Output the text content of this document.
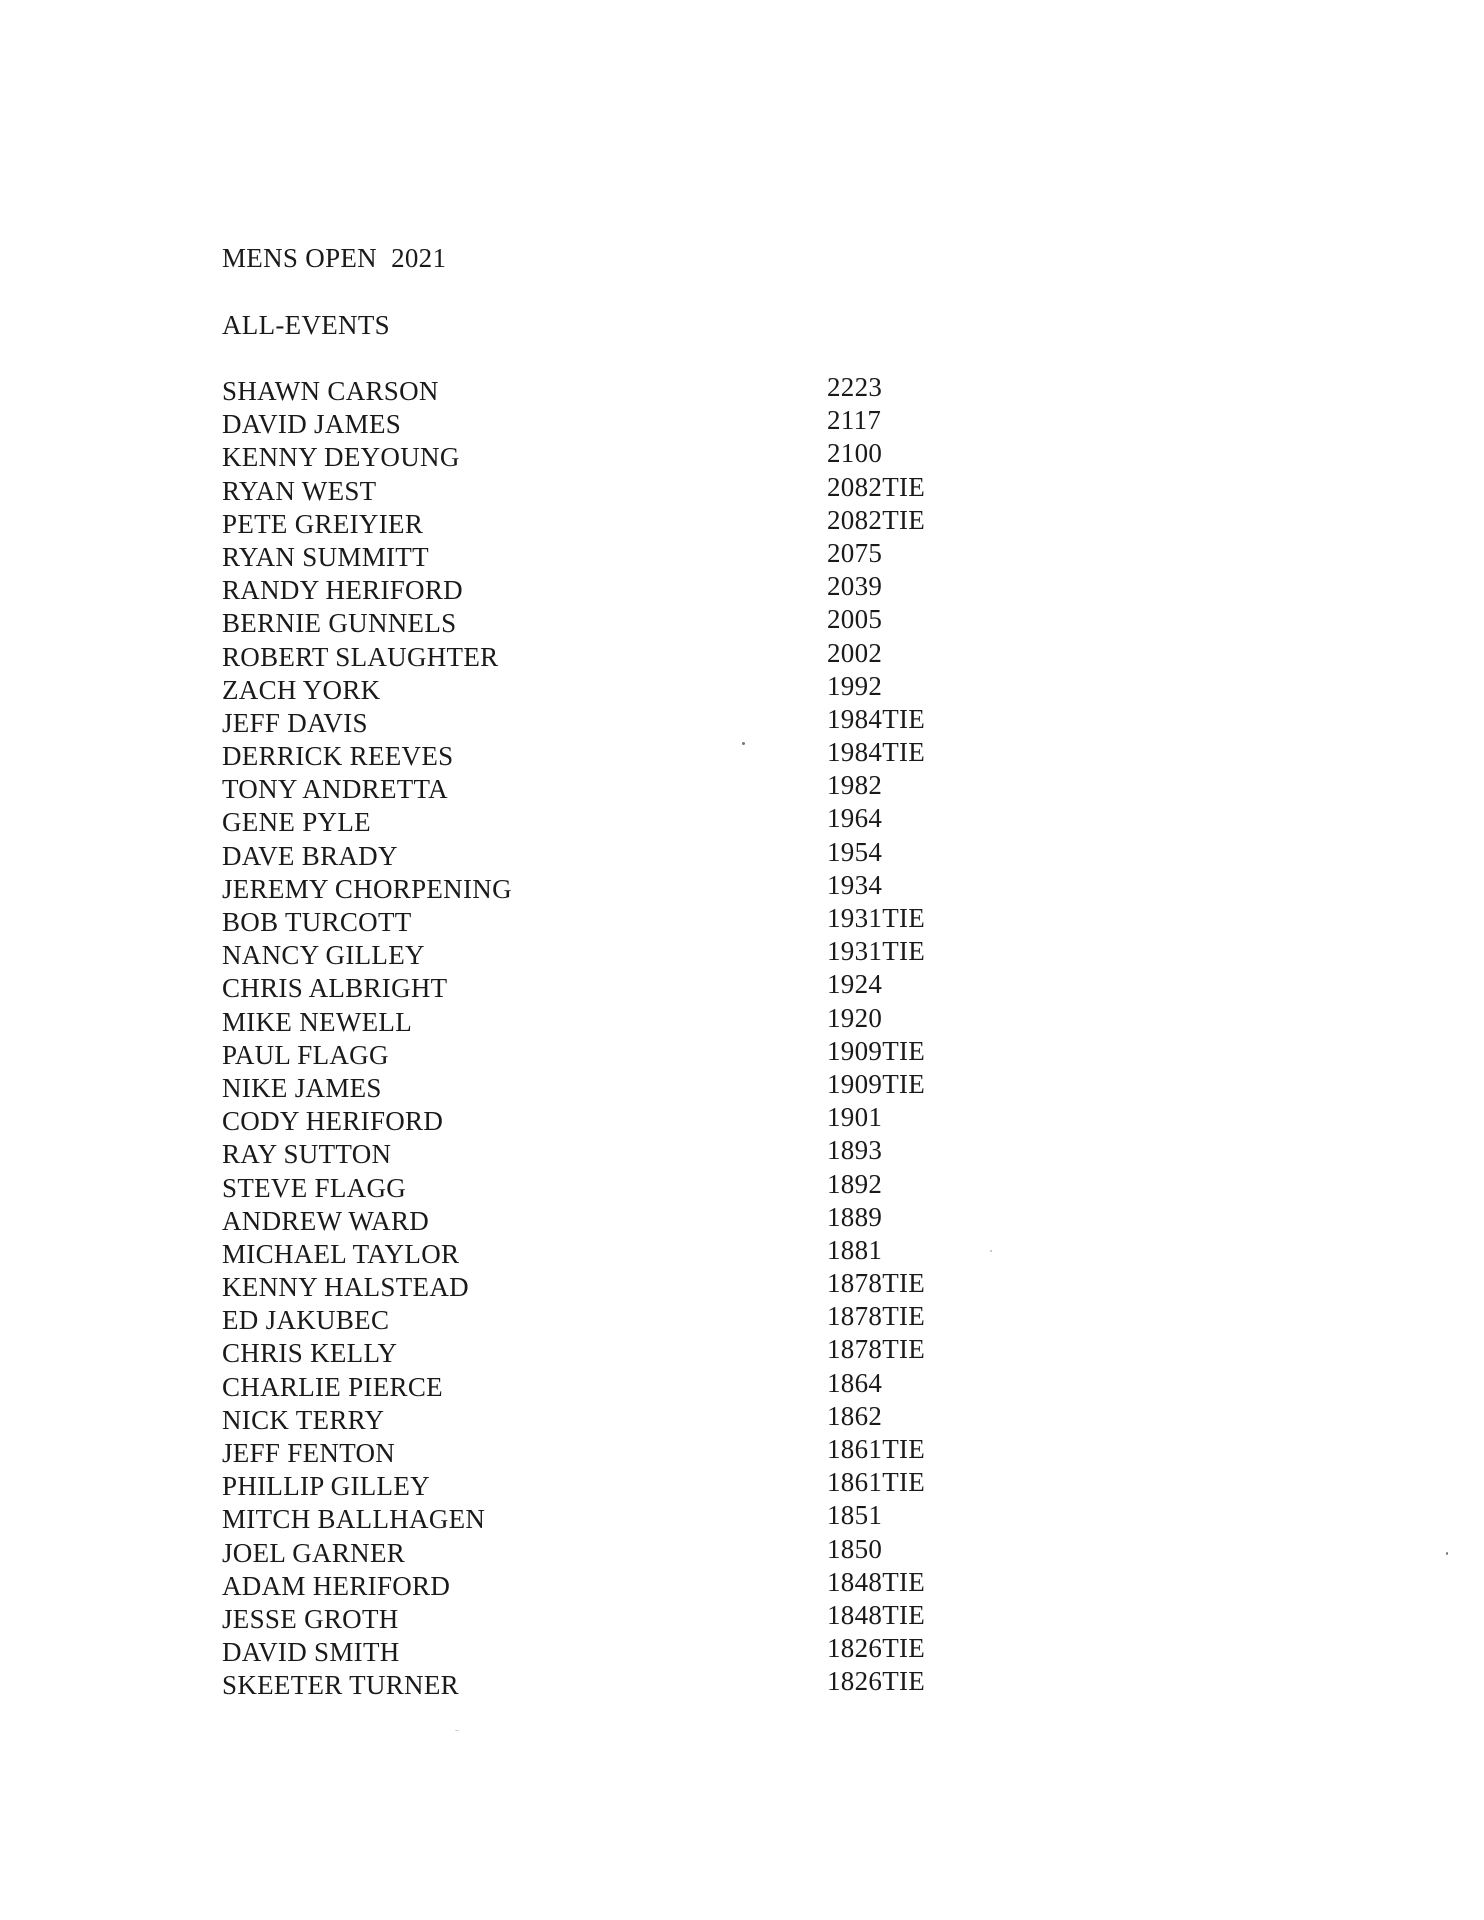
MENS OPEN  2021
ALL-EVENTS
SHAWN CARSON	2223
DAVID JAMES	2117
KENNY DEYOUNG	2100
RYAN WEST	2082TIE
PETE GREIYIER	2082TIE
RYAN SUMMITT	2075
RANDY HERIFORD	2039
BERNIE GUNNELS	2005
ROBERT SLAUGHTER	2002
ZACH YORK	1992
JEFF DAVIS	1984TIE
DERRICK REEVES	1984TIE
TONY ANDRETTA	1982
GENE PYLE	1964
DAVE BRADY	1954
JEREMY CHORPENING	1934
BOB TURCOTT	1931TIE
NANCY GILLEY	1931TIE
CHRIS ALBRIGHT	1924
MIKE NEWELL	1920
PAUL FLAGG	1909TIE
NIKE JAMES	1909TIE
CODY HERIFORD	1901
RAY SUTTON	1893
STEVE FLAGG	1892
ANDREW WARD	1889
MICHAEL TAYLOR	1881
KENNY HALSTEAD	1878TIE
ED JAKUBEC	1878TIE
CHRIS KELLY	1878TIE
CHARLIE PIERCE	1864
NICK TERRY	1862
JEFF FENTON	1861TIE
PHILLIP GILLEY	1861TIE
MITCH BALLHAGEN	1851
JOEL GARNER	1850
ADAM HERIFORD	1848TIE
JESSE GROTH	1848TIE
DAVID SMITH	1826TIE
SKEETER TURNER	1826TIE
